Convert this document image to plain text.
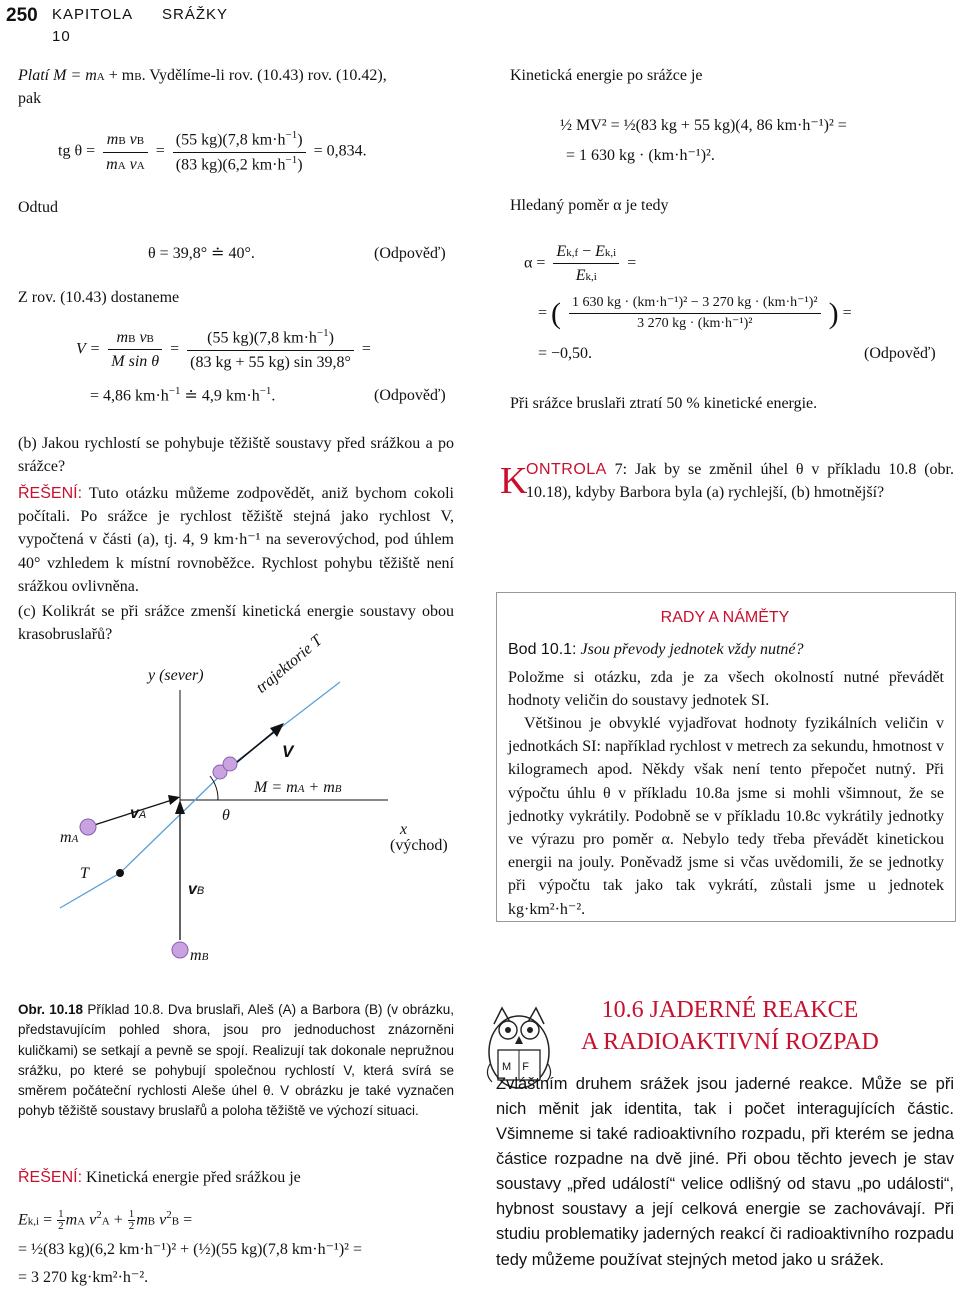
250 KAPITOLA 10
SRÁŽKY
Platí M = mA + mB. Vydělíme-li rov. (10.43) rov. (10.42),
pak
tg $\theta = \frac{\text{mB vB}}{\text{mA vA}} = \frac{(55 kg)(7,8 km\cdot h^{-1})}{(83 kg)(6,2 km\cdot h^{-1})} = 0,834$.
Odtud
θ = 39,8° ≐ 40°.	(Odpověď)
Z rov. (10.43) dostaneme
$V = \frac{\text{mB vB}}{\text{M sin θ}} = \frac{(55 kg)(7,8 km\cdot h^{-1})}{(83 kg + 55 kg) \sin 39,8^\circ}$ =
= 4,86 $km\cdot h^{-1}$ ≐ 4,9 $km\cdot h^{-1}$.	(Odpověď)
(b) Jakou rychlostí se pohybuje těžiště soustavy před srážkou a po srážce?
ŘEŠENÍ: Tuto otázku můžeme zodpovědět, aniž bychom cokoli počítali. Po srážce je rychlost těžiště stejná jako rychlost V, vypočtená v části (a), tj. 4, 9 km·h⁻¹ na severovýchod, pod úhlem 40° vzhledem k místní rovnoběžce. Rychlost pohybu těžiště není srážkou ovlivněna.
(c) Kolikrát se při srážce zmenší kinetická energie soustavy obou krasobruslařů?
y (sever)
x
(východ)
trajektorie T
V
M = mA + mB
vA
vB
θ
mA
mB
T
Obr. 10.18 Příklad 10.8. Dva bruslaři, Aleš (A) a Barbora (B) (v obrázku, představujícím pohled shora, jsou pro jednoduchost znázorněni kuličkami) se setkají a pevně se spojí. Realizují tak dokonale nepružnou srážku, po které se pohybují společnou rychlostí V, která svírá se směrem počáteční rychlosti Aleše úhel θ. V obrázku je také vyznačen pohyb těžiště soustavy bruslařů a poloha těžiště ve výchozí situaci.
ŘEŠENÍ: Kinetická energie před srážkou je
$Ek,i = \frac{1}{2}$ mA $v^2A + \frac{1}{2}$ mB $v^2B$ =
= ½(83 kg)(6,2 km·h⁻¹)² + (½)(55 kg)(7,8 km·h⁻¹)² =
= 3 270 kg·km²·h⁻².
Kinetická energie po srážce je
½ MV² = ½(83 kg + 55 kg)(4, 86 km·h⁻¹)² =
= 1 630 kg · (km·h⁻¹)².
Hledaný poměr α je tedy
$\alpha = \frac{Ek,f - Ek,i}{Ek,i}$ =
= ( $\frac{\text{1 630 kg · (km·h⁻¹)² − 3 270 kg · (km·h⁻¹)²}}{\text{3 270 kg · (km·h⁻¹)²}}$ ) =
= −0,50.	(Odpověď)
Při srážce bruslaři ztratí 50 % kinetické energie.
K
ONTROLA 7: Jak by se změnil úhel θ v příkladu 10.8 (obr. 10.18), kdyby Barbora byla (a) rychlejší, (b) hmotnější?
RADY A NÁMĚTY
Bod 10.1: Jsou převody jednotek vždy nutné?
Položme si otázku, zda je za všech okolností nutné převádět hodnoty veličin do soustavy jednotek SI.
Většinou je obvyklé vyjadřovat hodnoty fyzikálních veličin v jednotkách SI: například rychlost v metrech za sekundu, hmotnost v kilogramech apod. Někdy však není tento přepočet nutný. Při výpočtu úhlu θ v příkladu 10.8a jsme si mohli všimnout, že se jednotky vykrátily. Podobně se v příkladu 10.8c vykrátily jednotky ve výrazu pro poměr α. Nebylo tedy třeba převádět kinetickou energii na jouly. Poněvadž jsme si včas uvědomili, že se jednotky při výpočtu tak jako tak vykrátí, zůstali jsme u jednotek kg·km²·h⁻².
M F
10.6 JADERNÉ REAKCE
A RADIOAKTIVNÍ ROZPAD
Zvláštním druhem srážek jsou jaderné reakce. Může se při nich měnit jak identita, tak i počet interagujících částic. Všimneme si také radioaktivního rozpadu, při kterém se jedna částice rozpadne na dvě jiné. Při obou těchto jevech je stav soustavy „před událostí“ velice odlišný od stavu „po události“, hybnost soustavy a její celková energie se zachovávají. Při studiu problematiky jaderných reakcí či radioaktivního rozpadu tedy můžeme používat stejných metod jako u srážek.
